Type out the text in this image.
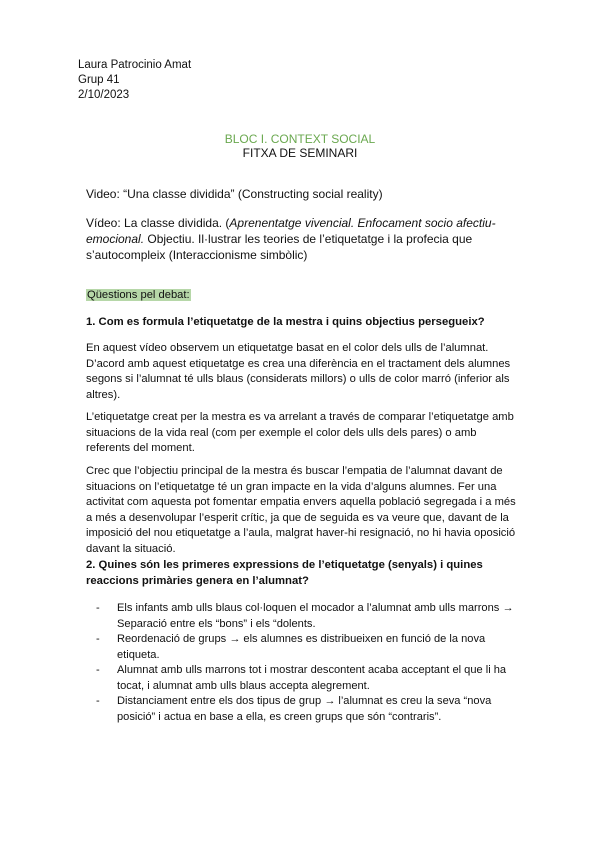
Laura Patrocinio Amat
Grup 41
2/10/2023
BLOC I. CONTEXT SOCIAL
FITXA DE SEMINARI
Video: “Una classe dividida” (Constructing social reality)
Vídeo: La classe dividida. (Aprenentatge vivencial. Enfocament socio afectiu-emocional. Objectiu. Il·lustrar les teories de l’etiquetatge i la profecia que s’autocompleix (Interaccionisme simbòlic)
Qüestions pel debat:
1. Com es formula l’etiquetatge de la mestra i quins objectius persegueix?
En aquest vídeo observem un etiquetatge basat en el color dels ulls de l’alumnat. D’acord amb aquest etiquetatge es crea una diferència en el tractament dels alumnes segons si l’alumnat té ulls blaus (considerats millors) o ulls de color marró (inferior als altres).
L’etiquetatge creat per la mestra es va arrelant a través de comparar l’etiquetatge amb situacions de la vida real (com per exemple el color dels ulls dels pares) o amb referents del moment.
Crec que l’objectiu principal de la mestra és buscar l’empatia de l’alumnat davant de situacions on l’etiquetatge té un gran impacte en la vida d’alguns alumnes. Fer una activitat com aquesta pot fomentar empatia envers aquella població segregada i a més a més a desenvolupar l’esperit crític, ja que de seguida es va veure que, davant de la imposició del nou etiquetatge a l’aula, malgrat haver-hi resignació, no hi havia oposició davant la situació.
2. Quines són les primeres expressions de l’etiquetatge (senyals) i quines reaccions primàries genera en l’alumnat?
- Els infants amb ulls blaus col·loquen el mocador a l’alumnat amb ulls marrons → Separació entre els “bons” i els “dolents.
- Reordenació de grups → els alumnes es distribueixen en funció de la nova etiqueta.
- Alumnat amb ulls marrons tot i mostrar descontent acaba acceptant el que li ha tocat, i alumnat amb ulls blaus accepta alegrement.
- Distanciament entre els dos tipus de grup → l’alumnat es creu la seva “nova posició” i actua en base a ella, es creen grups que són “contraris”.
